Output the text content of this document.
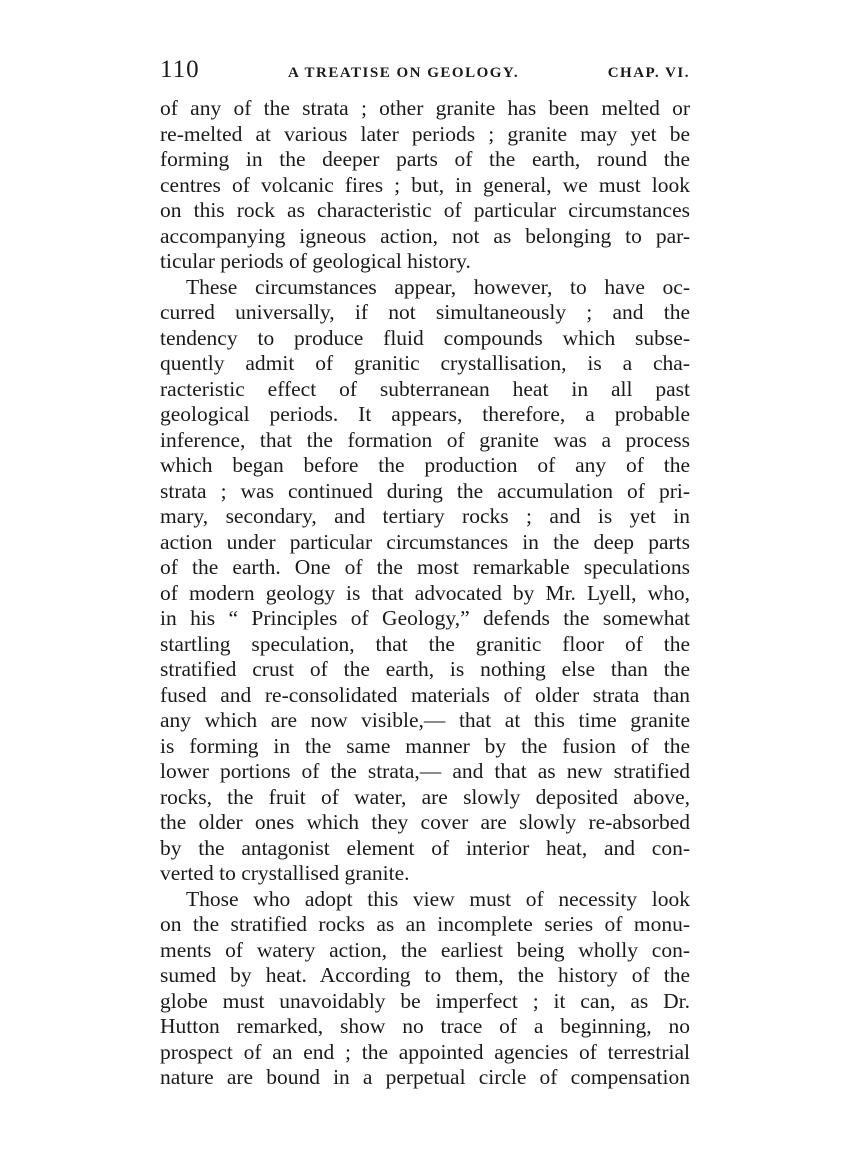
110	A TREATISE ON GEOLOGY.	CHAP. VI.
of any of the strata ; other granite has been melted or
re-melted at various later periods ; granite may yet be
forming in the deeper parts of the earth, round the
centres of volcanic fires ; but, in general, we must look
on this rock as characteristic of particular circumstances
accompanying igneous action, not as belonging to par-
ticular periods of geological history.
These circumstances appear, however, to have oc-
curred universally, if not simultaneously ; and the
tendency to produce fluid compounds which subse-
quently admit of granitic crystallisation, is a cha-
racteristic effect of subterranean heat in all past
geological periods. It appears, therefore, a probable
inference, that the formation of granite was a process
which began before the production of any of the
strata ; was continued during the accumulation of pri-
mary, secondary, and tertiary rocks ; and is yet in
action under particular circumstances in the deep parts
of the earth. One of the most remarkable speculations
of modern geology is that advocated by Mr. Lyell, who,
in his “ Principles of Geology,” defends the somewhat
startling speculation, that the granitic floor of the
stratified crust of the earth, is nothing else than the
fused and re-consolidated materials of older strata than
any which are now visible,— that at this time granite
is forming in the same manner by the fusion of the
lower portions of the strata,— and that as new stratified
rocks, the fruit of water, are slowly deposited above,
the older ones which they cover are slowly re-absorbed
by the antagonist element of interior heat, and con-
verted to crystallised granite.
Those who adopt this view must of necessity look
on the stratified rocks as an incomplete series of monu-
ments of watery action, the earliest being wholly con-
sumed by heat. According to them, the history of the
globe must unavoidably be imperfect ; it can, as Dr.
Hutton remarked, show no trace of a beginning, no
prospect of an end ; the appointed agencies of terrestrial
nature are bound in a perpetual circle of compensation
